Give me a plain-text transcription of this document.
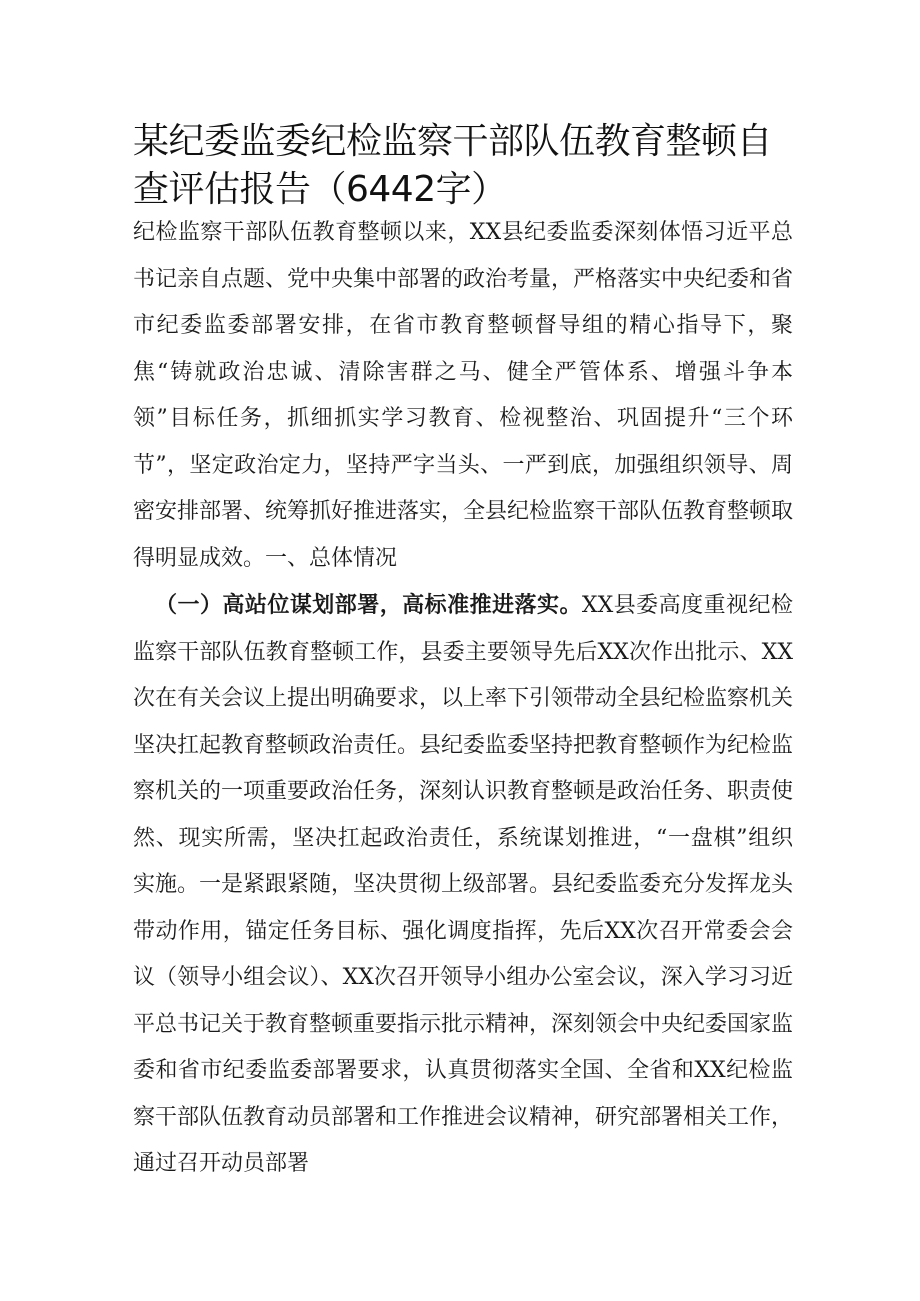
某纪委监委纪检监察干部队伍教育整顿自查评估报告（6442字）

纪检监察干部队伍教育整顿以来，XX县纪委监委深刻体悟习近平总书记亲自点题、党中央集中部署的政治考量，严格落实中央纪委和省市纪委监委部署安排，在省市教育整顿督导组的精心指导下，聚焦“铸就政治忠诚、清除害群之马、健全严管体系、增强斗争本领”目标任务，抓细抓实学习教育、检视整治、巩固提升“三个环节”，坚定政治定力，坚持严字当头、一严到底，加强组织领导、周密安排部署、统筹抓好推进落实，全县纪检监察干部队伍教育整顿取得明显成效。一、总体情况

（一）高站位谋划部署，高标准推进落实。XX县委高度重视纪检监察干部队伍教育整顿工作，县委主要领导先后XX次作出批示、XX次在有关会议上提出明确要求，以上率下引领带动全县纪检监察机关坚决扛起教育整顿政治责任。县纪委监委坚持把教育整顿作为纪检监察机关的一项重要政治任务，深刻认识教育整顿是政治任务、职责使然、现实所需，坚决扛起政治责任，系统谋划推进，“一盘棋”组织实施。一是紧跟紧随，坚决贯彻上级部署。县纪委监委充分发挥龙头带动作用，锚定任务目标、强化调度指挥，先后XX次召开常委会会议（领导小组会议）、XX次召开领导小组办公室会议，深入学习习近平总书记关于教育整顿重要指示批示精神，深刻领会中央纪委国家监委和省市纪委监委部署要求，认真贯彻落实全国、全省和XX纪检监察干部队伍教育动员部署和工作推进会议精神，研究部署相关工作，通过召开动员部署
